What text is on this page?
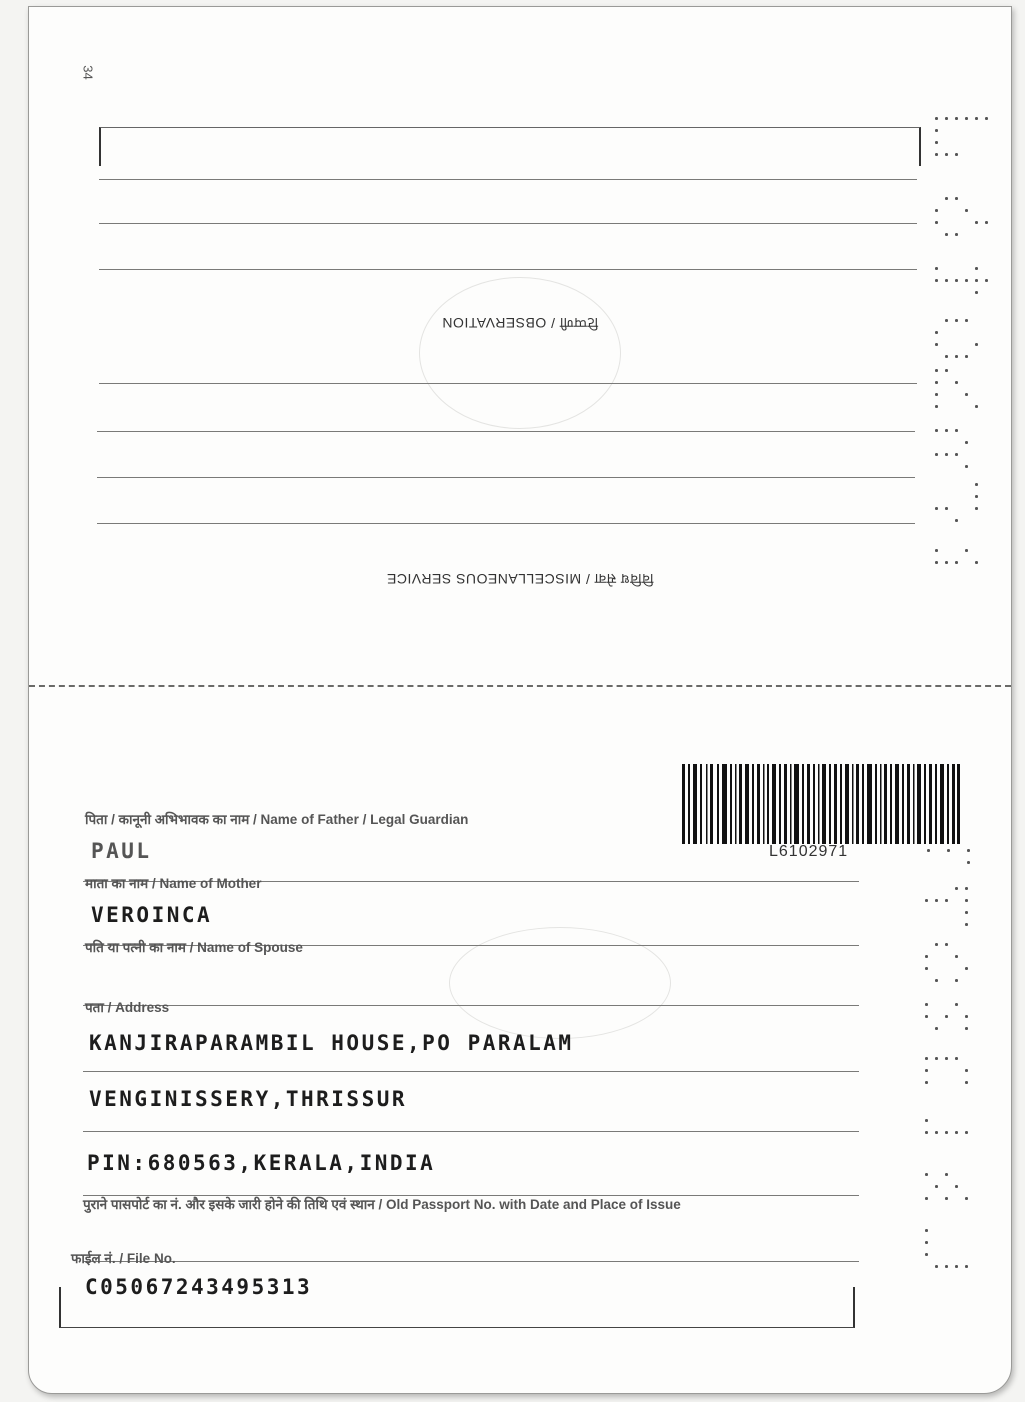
34
टिप्पणी / OBSERVATION
विविध सेवा / MISCELLANEOUS SERVICE
L6102971
पिता / कानूनी अभिभावक का नाम / Name of Father / Legal Guardian
PAUL
माता का नाम / Name of Mother
VEROINCA
पति या पत्नी का नाम / Name of Spouse
पता / Address
KANJIRAPARAMBIL HOUSE,PO PARALAM
VENGINISSERY,THRISSUR
PIN:680563,KERALA,INDIA
पुराने पासपोर्ट का नं. और इसके जारी होने की तिथि एवं स्थान / Old Passport No. with Date and Place of Issue
फाईल नं. / File No.
C05067243495313
